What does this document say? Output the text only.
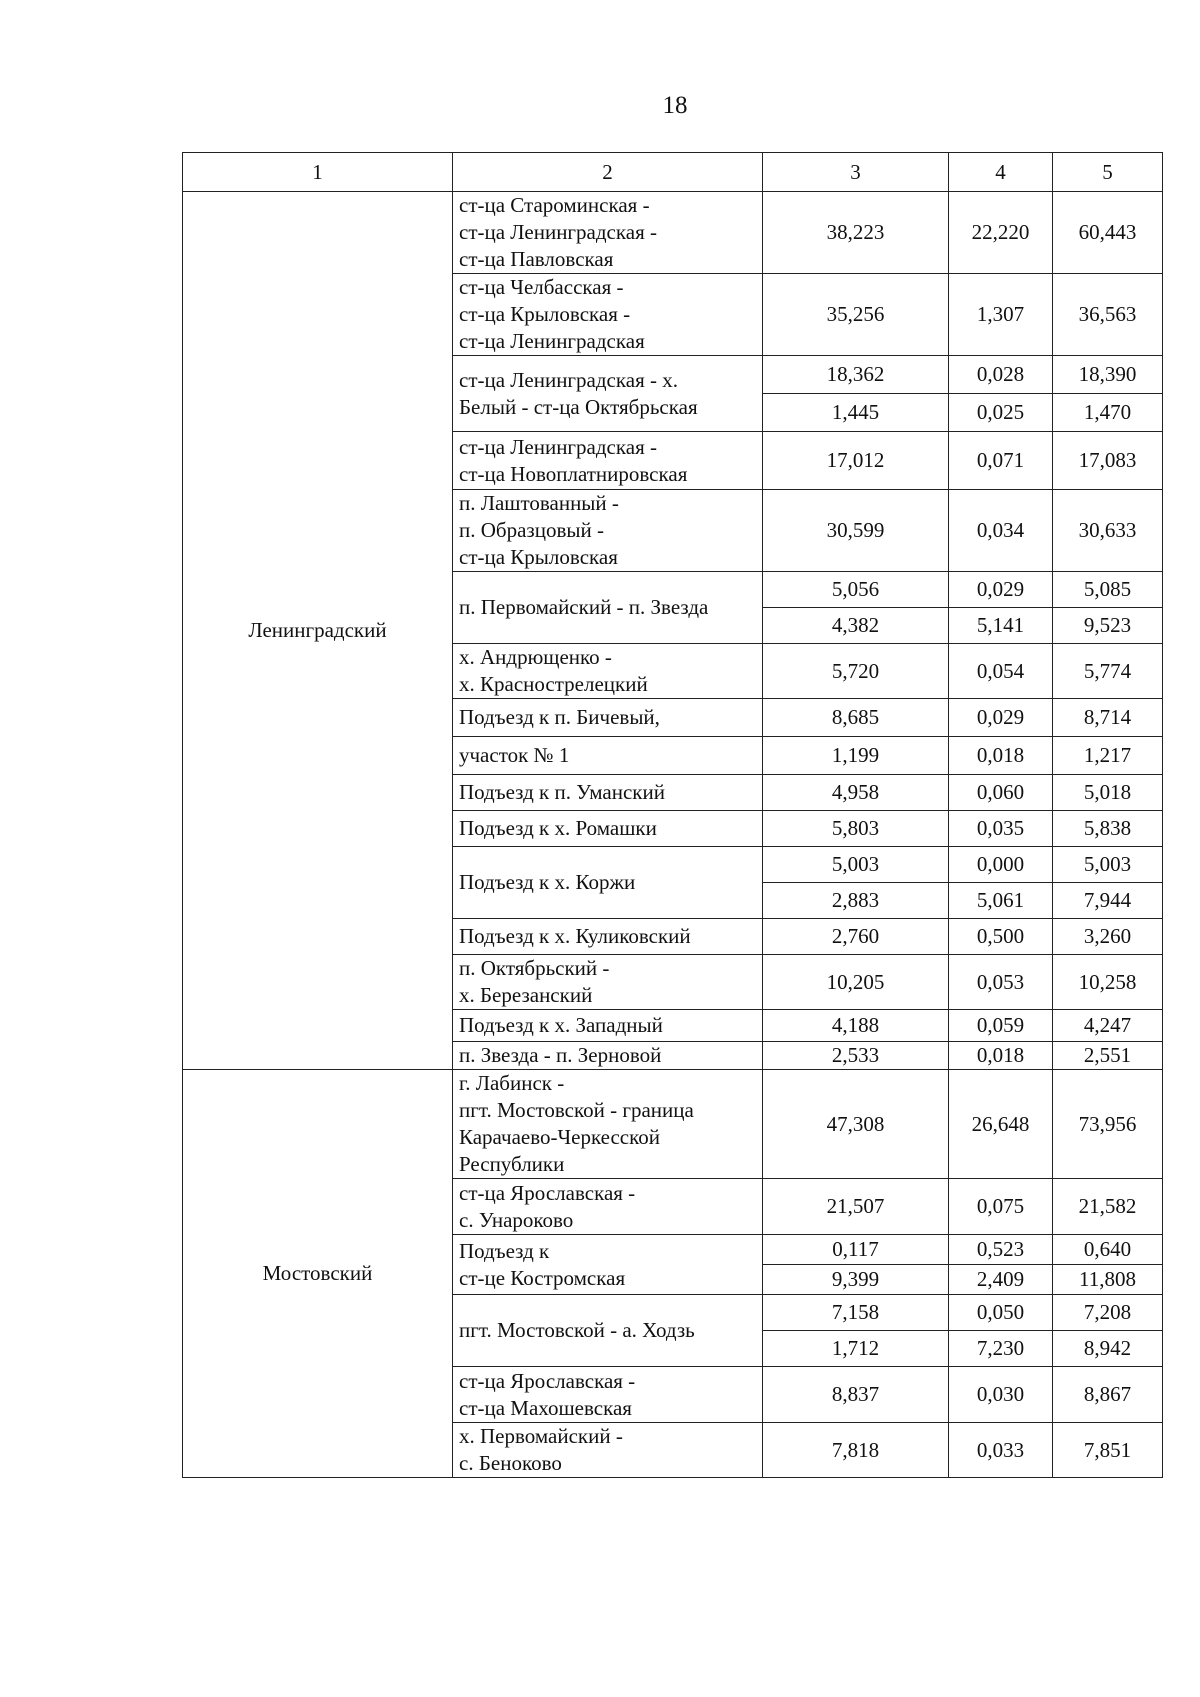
18
1	2	3	4	5
Ленинградский	ст-ца Староминская -
ст-ца Ленинградская -
ст-ца Павловская	38,223	22,220	60,443
	ст-ца Челбасская -
ст-ца Крыловская -
ст-ца Ленинградская	35,256	1,307	36,563
	ст-ца Ленинградская - х.
Белый - ст-ца Октябрьская	18,362	0,028	18,390
		1,445	0,025	1,470
	ст-ца Ленинградская -
ст-ца Новоплатнировская	17,012	0,071	17,083
	п. Лаштованный -
п. Образцовый -
ст-ца Крыловская	30,599	0,034	30,633
	п. Первомайский - п. Звезда	5,056	0,029	5,085
		4,382	5,141	9,523
	х. Андрющенко -
х. Краснострелецкий	5,720	0,054	5,774
	Подъезд к п. Бичевый,	8,685	0,029	8,714
	участок № 1	1,199	0,018	1,217
	Подъезд к п. Уманский	4,958	0,060	5,018
	Подъезд к х. Ромашки	5,803	0,035	5,838
	Подъезд к х. Коржи	5,003	0,000	5,003
		2,883	5,061	7,944
	Подъезд к х. Куликовский	2,760	0,500	3,260
	п. Октябрьский -
х. Березанский	10,205	0,053	10,258
	Подъезд к х. Западный	4,188	0,059	4,247
	п. Звезда - п. Зерновой	2,533	0,018	2,551
Мостовский	г. Лабинск -
пгт. Мостовской - граница
Карачаево-Черкесской
Республики	47,308	26,648	73,956
	ст-ца Ярославская -
с. Унароково	21,507	0,075	21,582
	Подъезд к
ст-це Костромская	0,117	0,523	0,640
		9,399	2,409	11,808
	пгт. Мостовской - а. Ходзь	7,158	0,050	7,208
		1,712	7,230	8,942
	ст-ца Ярославская -
ст-ца Махошевская	8,837	0,030	8,867
	х. Первомайский -
с. Беноково	7,818	0,033	7,851
